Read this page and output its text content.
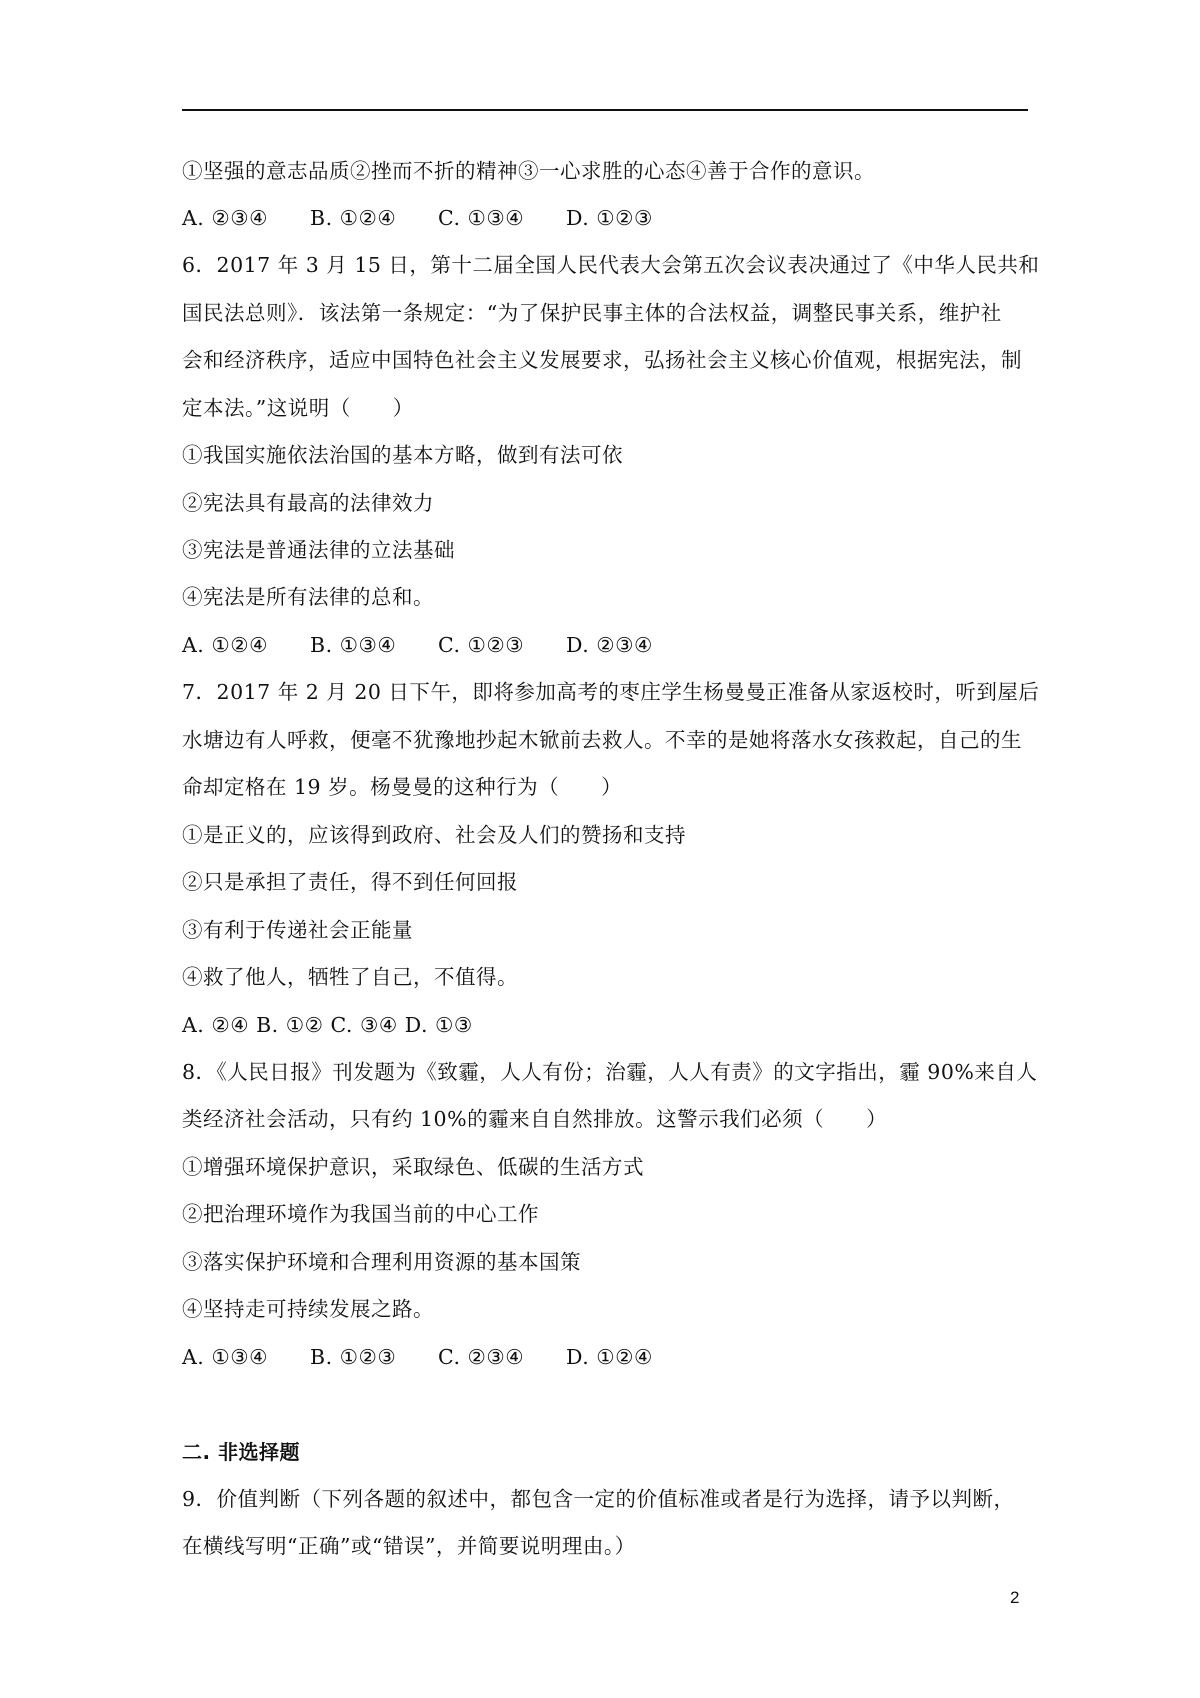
①坚强的意志品质②挫而不折的精神③一心求胜的心态④善于合作的意识。
A. ②③④ B. ①②④ C. ①③④ D. ①②③
6．2017 年 3 月 15 日，第十二届全国人民代表大会第五次会议表决通过了《中华人民共和
国民法总则》．该法第一条规定：“为了保护民事主体的合法权益，调整民事关系，维护社
会和经济秩序，适应中国特色社会主义发展要求，弘扬社会主义核心价值观，根据宪法，制
定本法。”这说明（　　）
①我国实施依法治国的基本方略，做到有法可依
②宪法具有最高的法律效力
③宪法是普通法律的立法基础
④宪法是所有法律的总和。
A. ①②④ B. ①③④ C. ①②③ D. ②③④
7．2017 年 2 月 20 日下午，即将参加高考的枣庄学生杨曼曼正准备从家返校时，听到屋后
水塘边有人呼救，便毫不犹豫地抄起木锨前去救人。不幸的是她将落水女孩救起，自己的生
命却定格在 19 岁。杨曼曼的这种行为（　　）
①是正义的，应该得到政府、社会及人们的赞扬和支持
②只是承担了责任，得不到任何回报
③有利于传递社会正能量
④救了他人，牺牲了自己，不值得。
A. ②④ B. ①② C. ③④ D. ①③
8．《人民日报》刊发题为《致霾，人人有份；治霾，人人有责》的文字指出，霾 90%来自人
类经济社会活动，只有约 10%的霾来自自然排放。这警示我们必须（　　）
①增强环境保护意识，采取绿色、低碳的生活方式
②把治理环境作为我国当前的中心工作
③落实保护环境和合理利用资源的基本国策
④坚持走可持续发展之路。
A. ①③④ B. ①②③ C. ②③④ D. ①②④
二. 非选择题
9．价值判断（下列各题的叙述中，都包含一定的价值标准或者是行为选择，请予以判断，
在横线写明“正确”或“错误”，并简要说明理由。）
2
